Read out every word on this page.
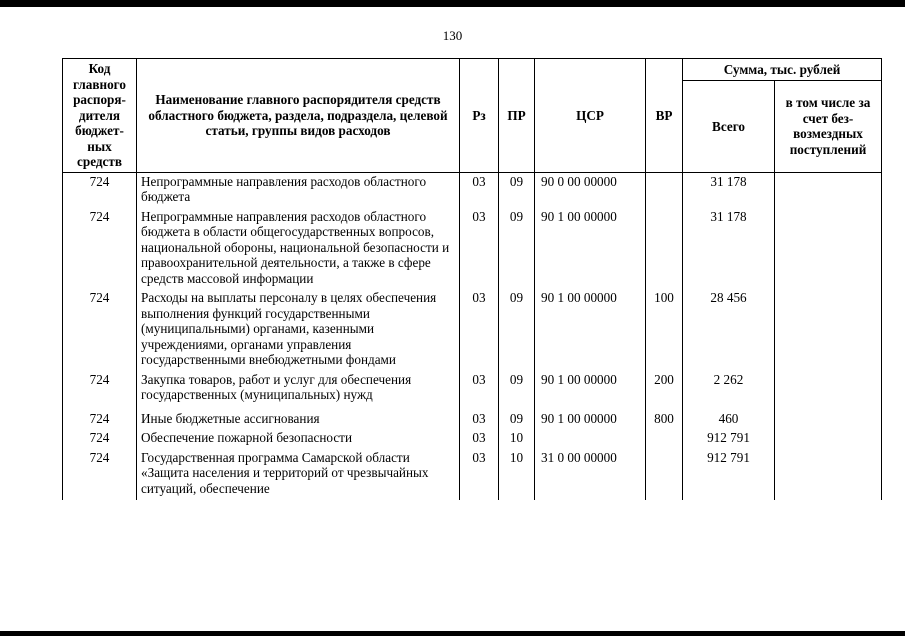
130
Код главного распоря- дителя бюджет- ных средств	Наименование главного распорядителя средств областного бюджета, раздела, подраздела, целевой статьи, группы видов расходов	Рз	ПР	ЦСР	ВР	Сумма, тыс. рублей	
						Всего	в том числе за счет без- возмездных поступлений
724	Непрограммные направления расходов областного бюджета	03	09	90 0 00 00000		31 178	
724	Непрограммные направления расходов областного бюджета в области общегосударственных вопросов, национальной обороны, национальной безопасности и правоохранительной деятельности, а также в сфере средств массовой информации	03	09	90 1 00 00000		31 178	
724	Расходы на выплаты персоналу в целях обеспечения выполнения функций государственными (муниципальными) органами, казенными учреждениями, органами управления государственными внебюджетными фондами	03	09	90 1 00 00000	100	28 456	
724	Закупка товаров, работ и услуг для обеспечения государственных (муниципальных) нужд	03	09	90 1 00 00000	200	2 262	
724	Иные бюджетные ассигнования	03	09	90 1 00 00000	800	460	
724	Обеспечение пожарной безопасности	03	10			912 791	
724	Государственная программа Самарской области «Защита населения и территорий от чрезвычайных ситуаций, обеспечение	03	10	31 0 00 00000		912 791	
